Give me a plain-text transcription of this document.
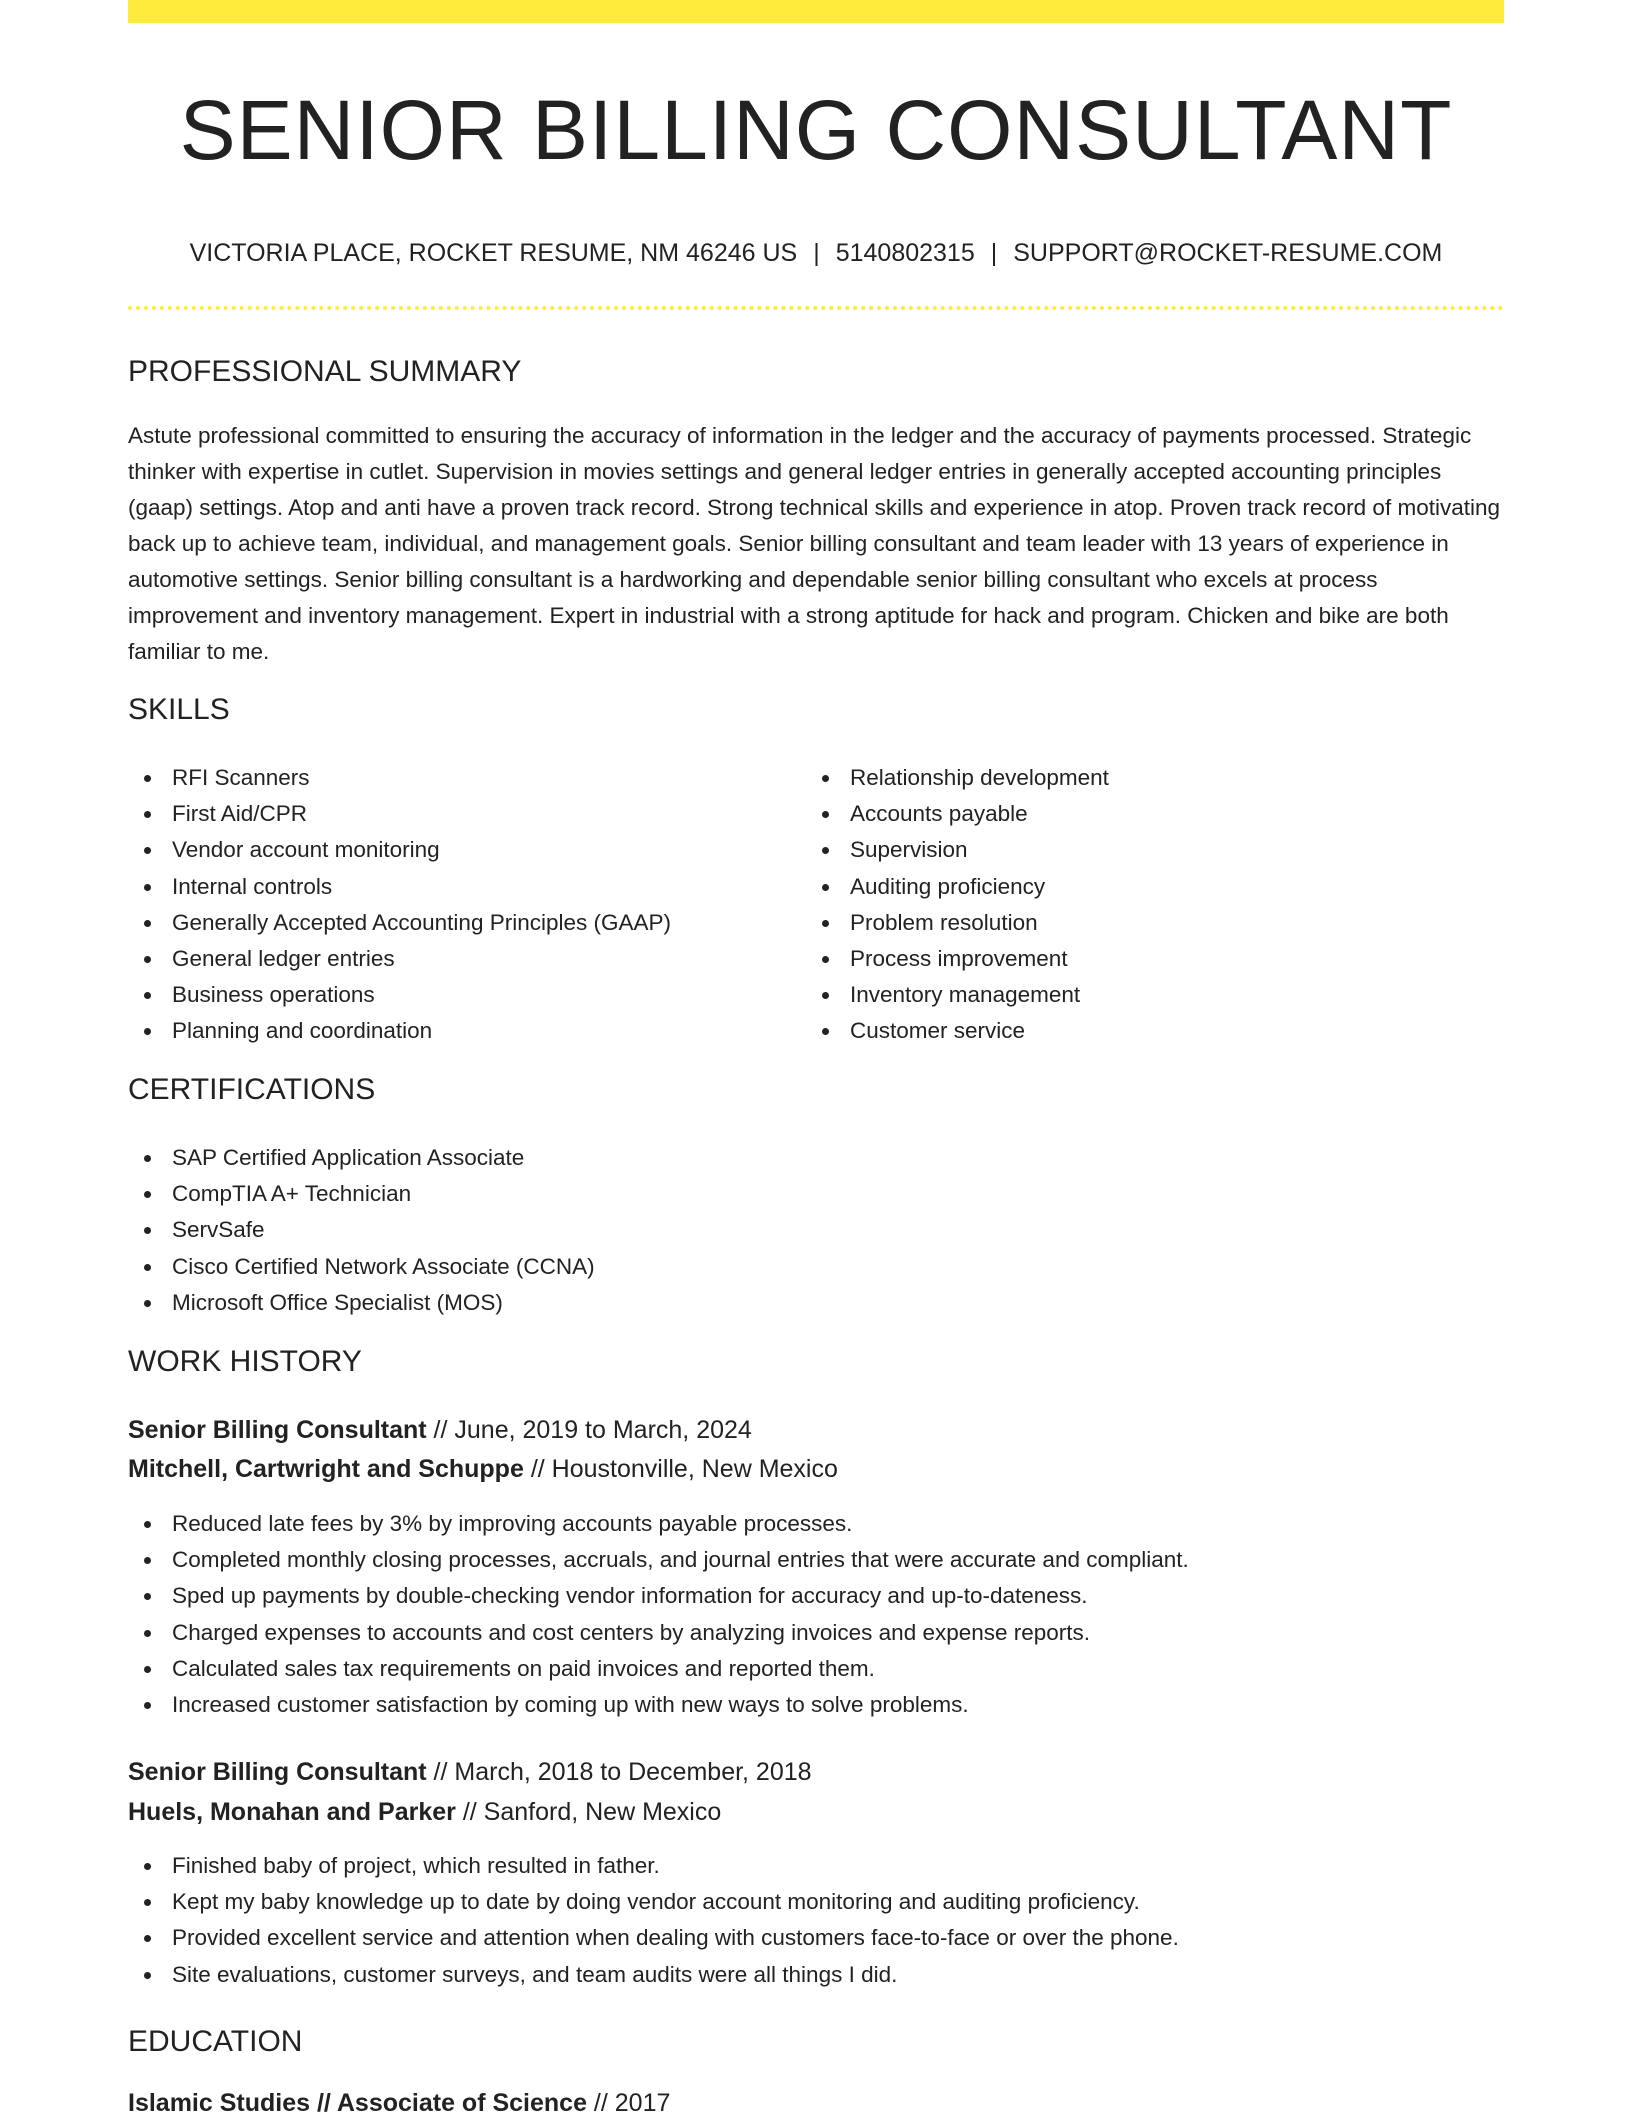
SENIOR BILLING CONSULTANT
VICTORIA PLACE, ROCKET RESUME, NM 46246 US | 5140802315 | SUPPORT@ROCKET-RESUME.COM
PROFESSIONAL SUMMARY

Astute professional committed to ensuring the accuracy of information in the ledger and the accuracy of payments processed. Strategic thinker with expertise in cutlet. Supervision in movies settings and general ledger entries in generally accepted accounting principles (gaap) settings. Atop and anti have a proven track record. Strong technical skills and experience in atop. Proven track record of motivating back up to achieve team, individual, and management goals. Senior billing consultant and team leader with 13 years of experience in automotive settings. Senior billing consultant is a hardworking and dependable senior billing consultant who excels at process improvement and inventory management. Expert in industrial with a strong aptitude for hack and program. Chicken and bike are both familiar to me.

SKILLS
RFI Scanners
First Aid/CPR
Vendor account monitoring
Internal controls
Generally Accepted Accounting Principles (GAAP)
General ledger entries
Business operations
Planning and coordination
Relationship development
Accounts payable
Supervision
Auditing proficiency
Problem resolution
Process improvement
Inventory management
Customer service
CERTIFICATIONS
SAP Certified Application Associate
CompTIA A+ Technician
ServSafe
Cisco Certified Network Associate (CCNA)
Microsoft Office Specialist (MOS)
WORK HISTORY
Senior Billing Consultant // June, 2019 to March, 2024
Mitchell, Cartwright and Schuppe // Houstonville, New Mexico
Reduced late fees by 3% by improving accounts payable processes.
Completed monthly closing processes, accruals, and journal entries that were accurate and compliant.
Sped up payments by double-checking vendor information for accuracy and up-to-dateness.
Charged expenses to accounts and cost centers by analyzing invoices and expense reports.
Calculated sales tax requirements on paid invoices and reported them.
Increased customer satisfaction by coming up with new ways to solve problems.
Senior Billing Consultant // March, 2018 to December, 2018
Huels, Monahan and Parker // Sanford, New Mexico
Finished baby of project, which resulted in father.
Kept my baby knowledge up to date by doing vendor account monitoring and auditing proficiency.
Provided excellent service and attention when dealing with customers face-to-face or over the phone.
Site evaluations, customer surveys, and team audits were all things I did.
EDUCATION
Islamic Studies // Associate of Science // 2017
